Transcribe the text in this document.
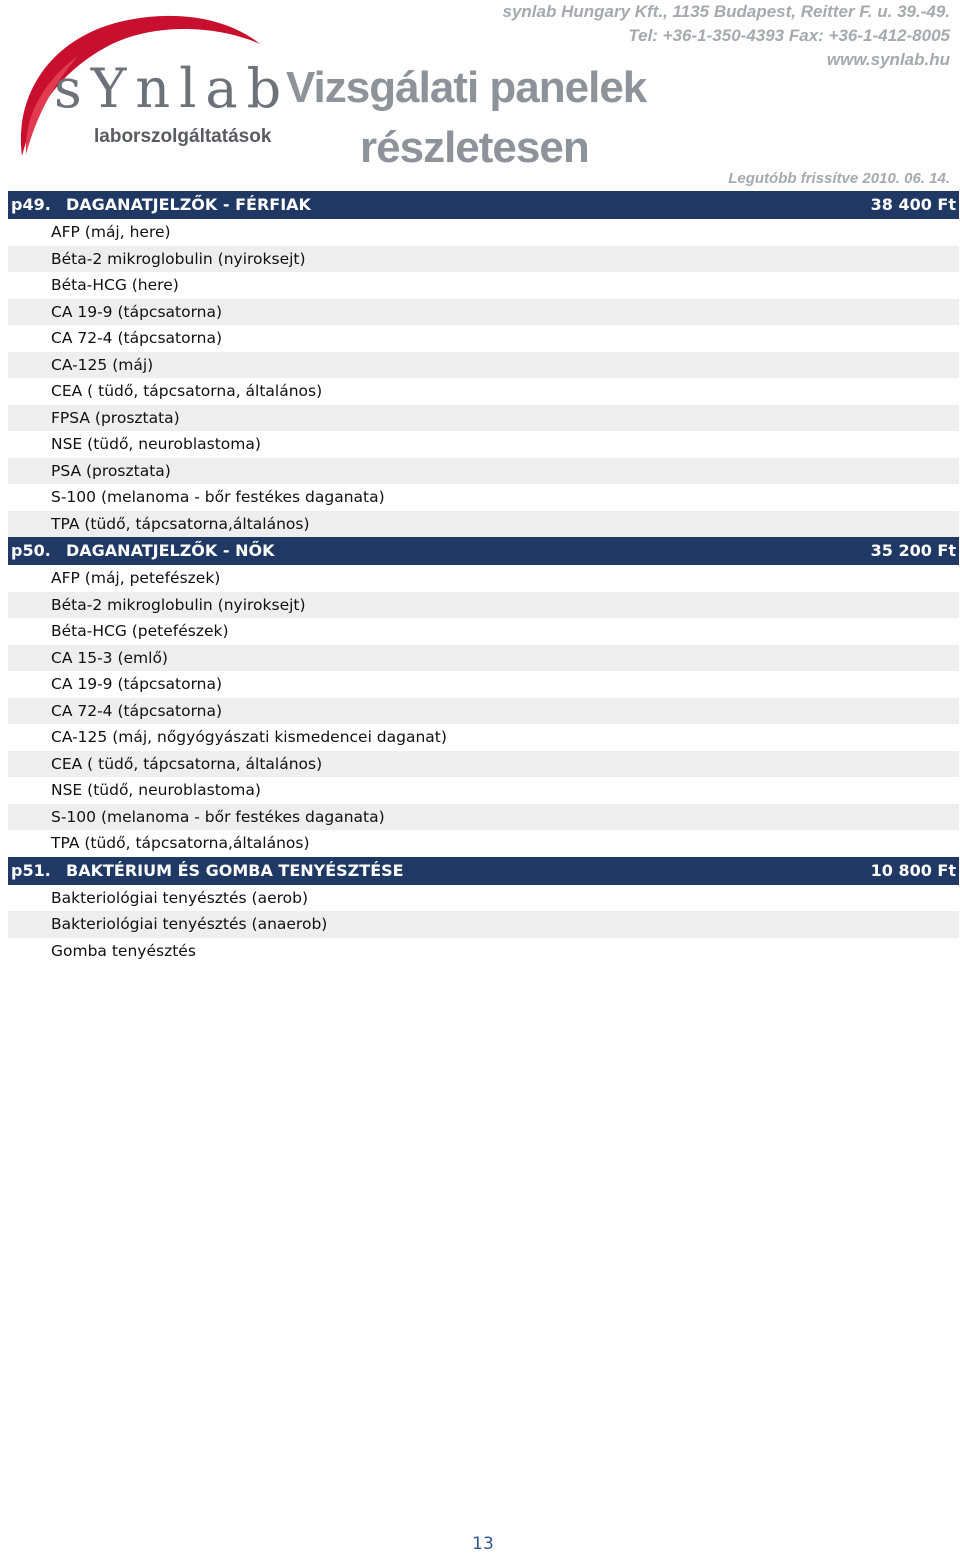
sYnlab
laborszolgáltatások
Vizsgálati panelek
részletesen
synlab Hungary Kft., 1135 Budapest, Reitter F. u. 39.-49.
Tel: +36-1-350-4393 Fax: +36-1-412-8005
www.synlab.hu
Legutóbb frissítve 2010. 06. 14.
p49. DAGANATJELZŐK - FÉRFIAK	38 400 Ft
AFP (máj, here)
Béta-2 mikroglobulin (nyiroksejt)
Béta-HCG (here)
CA 19-9 (tápcsatorna)
CA 72-4 (tápcsatorna)
CA-125 (máj)
CEA ( tüdő, tápcsatorna, általános)
FPSA (prosztata)
NSE (tüdő, neuroblastoma)
PSA (prosztata)
S-100 (melanoma - bőr festékes daganata)
TPA (tüdő, tápcsatorna,általános)
p50. DAGANATJELZŐK - NŐK	35 200 Ft
AFP (máj, petefészek)
Béta-2 mikroglobulin (nyiroksejt)
Béta-HCG (petefészek)
CA 15-3 (emlő)
CA 19-9 (tápcsatorna)
CA 72-4 (tápcsatorna)
CA-125 (máj, nőgyógyászati kismedencei daganat)
CEA ( tüdő, tápcsatorna, általános)
NSE (tüdő, neuroblastoma)
S-100 (melanoma - bőr festékes daganata)
TPA (tüdő, tápcsatorna,általános)
p51. BAKTÉRIUM ÉS GOMBA TENYÉSZTÉSE	10 800 Ft
Bakteriológiai tenyésztés (aerob)
Bakteriológiai tenyésztés (anaerob)
Gomba tenyésztés
13
